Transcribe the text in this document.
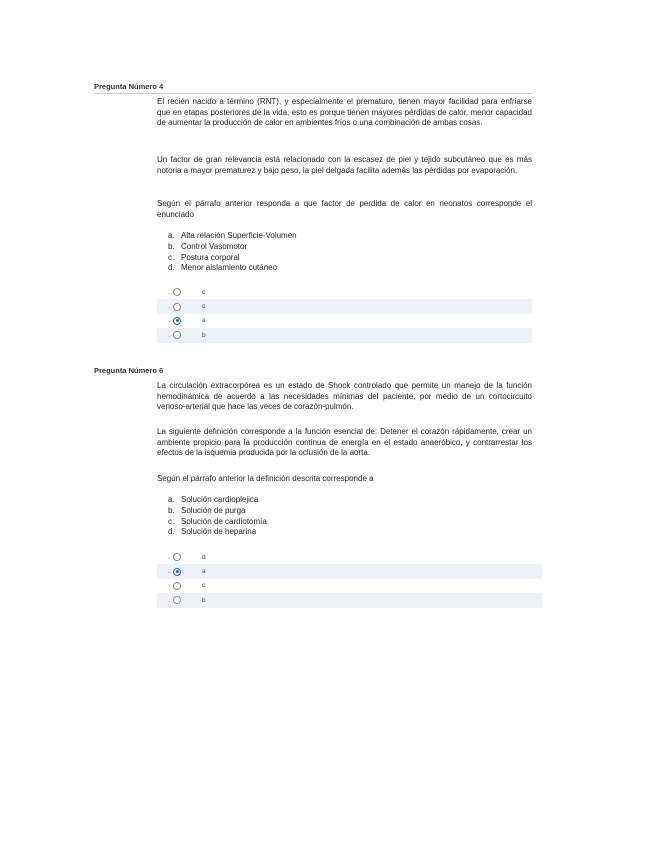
Pregunta Número 4

El recién nacido a término (RNT), y especialmente el prematuro, tienen mayor facilidad para enfriarse que en etapas posteriores de la vida, esto es porque tienen mayores pérdidas de calor, menor capacidad de aumentar la producción de calor en ambientes fríos o una combinación de ambas cosas.

Un factor de gran relevancia está relacionado con la escasez de piel y tejido subcutáneo que es más notoria a mayor prematurez y bajo peso, la piel delgada facilita además las pérdidas por evaporación.

Según el párrafo anterior responda a que factor de perdida de calor en neonatos corresponde el enunciado

a. Alta relación Superficie-Volumen
b. Control Vasomotor
c. Postura corporal
d. Menor aislamiento cutáneo
.	c
.	c
.	a
.	b
Pregunta Número 6

La circulación extracorpórea es un estado de Shock controlado que permite un manejo de la función hemodinámica de acuerdo a las necesidades mínimas del paciente, por medio de un cortocircuito venoso-arterial que hace las veces de corazón-pulmón.

La siguiente definición corresponde a la función esencial de: Detener el corazón rápidamente, crear un ambiente propicio para la producción continua de energía en el estado anaeróbico, y contrarrestar los efectos de la isquemia producida por la oclusión de la aorta.

Según el párrafo anterior la definición descrita corresponde a

a. Solución cardioplejica
b. Solución de purga
c. Solución de cardiotomía
d. Solución de heparina
.	d
.	a
.	c
.	b
